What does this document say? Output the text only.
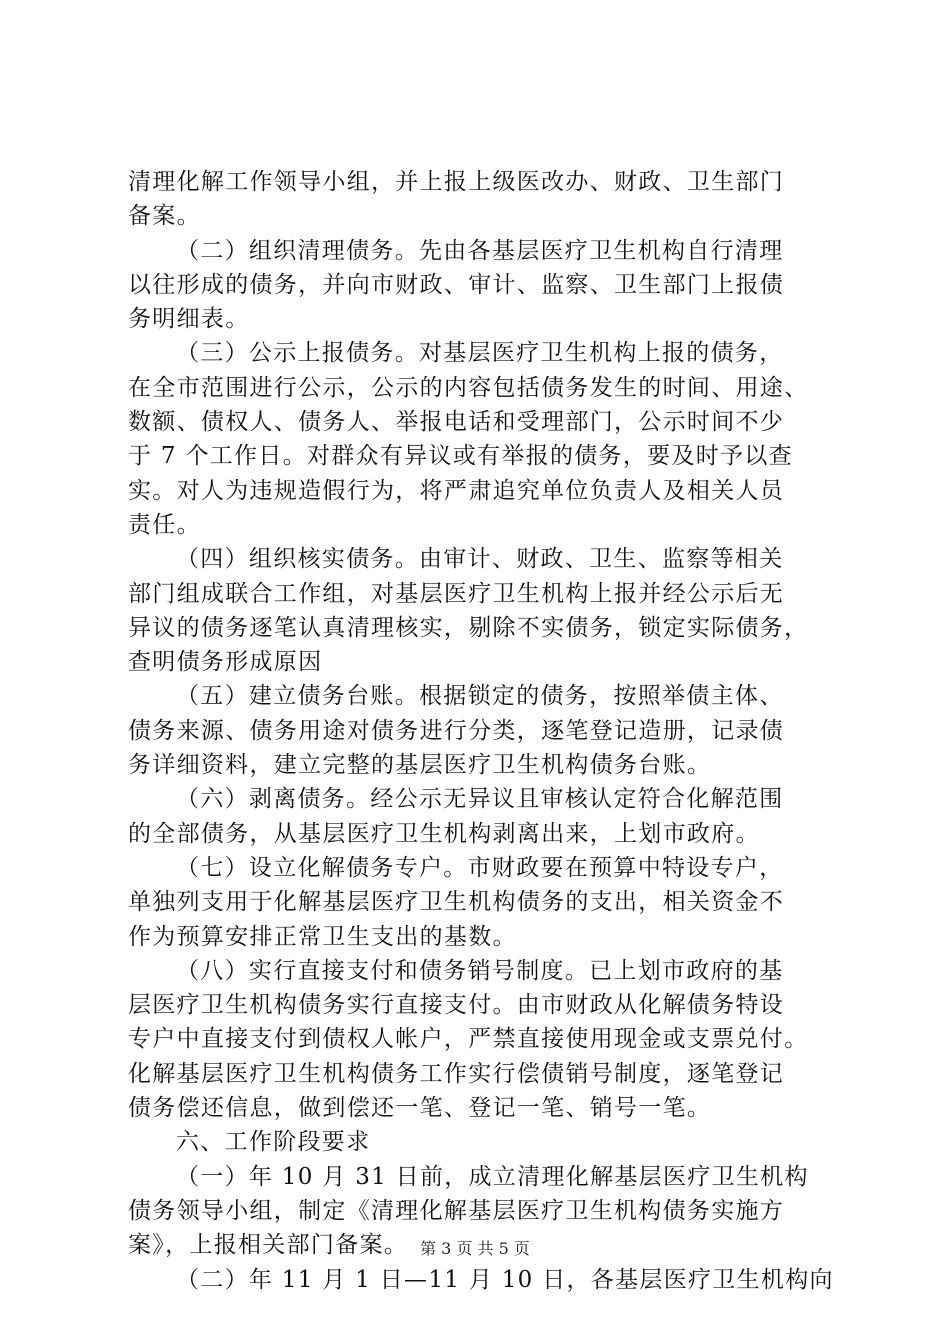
清理化解工作领导小组，并上报上级医改办、财政、卫生部门
备案。
（二）组织清理债务。先由各基层医疗卫生机构自行清理
以往形成的债务，并向市财政、审计、监察、卫生部门上报债
务明细表。
（三）公示上报债务。对基层医疗卫生机构上报的债务，
在全市范围进行公示，公示的内容包括债务发生的时间、用途、
数额、债权人、债务人、举报电话和受理部门，公示时间不少
于 7 个工作日。对群众有异议或有举报的债务，要及时予以查
实。对人为违规造假行为，将严肃追究单位负责人及相关人员
责任。
（四）组织核实债务。由审计、财政、卫生、监察等相关
部门组成联合工作组，对基层医疗卫生机构上报并经公示后无
异议的债务逐笔认真清理核实，剔除不实债务，锁定实际债务，
查明债务形成原因
（五）建立债务台账。根据锁定的债务，按照举债主体、
债务来源、债务用途对债务进行分类，逐笔登记造册，记录债
务详细资料，建立完整的基层医疗卫生机构债务台账。
（六）剥离债务。经公示无异议且审核认定符合化解范围
的全部债务，从基层医疗卫生机构剥离出来，上划市政府。
（七）设立化解债务专户。市财政要在预算中特设专户，
单独列支用于化解基层医疗卫生机构债务的支出，相关资金不
作为预算安排正常卫生支出的基数。
（八）实行直接支付和债务销号制度。已上划市政府的基
层医疗卫生机构债务实行直接支付。由市财政从化解债务特设
专户中直接支付到债权人帐户，严禁直接使用现金或支票兑付。
化解基层医疗卫生机构债务工作实行偿债销号制度，逐笔登记
债务偿还信息，做到偿还一笔、登记一笔、销号一笔。
六、工作阶段要求
（一）年 10 月 31 日前，成立清理化解基层医疗卫生机构
债务领导小组，制定《清理化解基层医疗卫生机构债务实施方
案》，上报相关部门备案。
（二）年 11 月 1 日—11 月 10 日，各基层医疗卫生机构向
第 3 页 共 5 页
